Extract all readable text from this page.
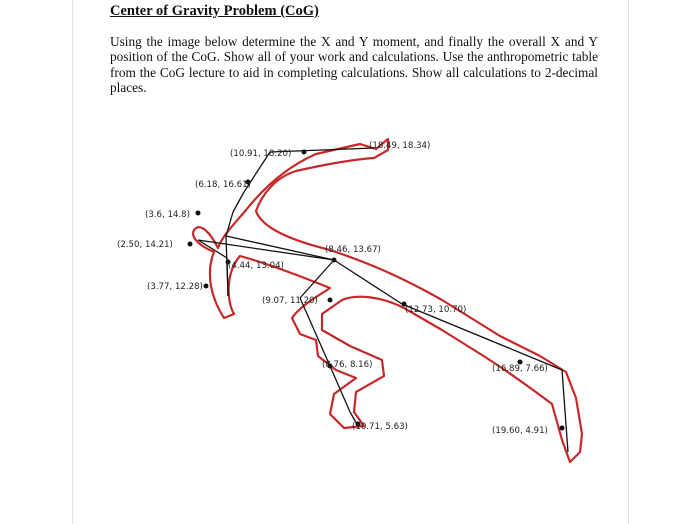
Center of Gravity Problem (CoG)

Using the image below determine the X and Y moment, and finally the overall X and Y position of the CoG. Show all of your work and calculations. Use the anthropometric table from the CoG lecture to aid in completing calculations. Show all calculations to 2-decimal places.

(10.91, 18.20)
(18.49, 18.34)
(6.18, 16.61)
(3.6, 14.8)
(2.50, 14.21)	(8.46, 13.67)
(4.44, 13.04)
(3.77, 12.28)
(9.07, 11.20)
(12.73, 10.70)
(8.76, 8.16)	(16.89, 7.66)
(10.71, 5.63)	(19.60, 4.91)
